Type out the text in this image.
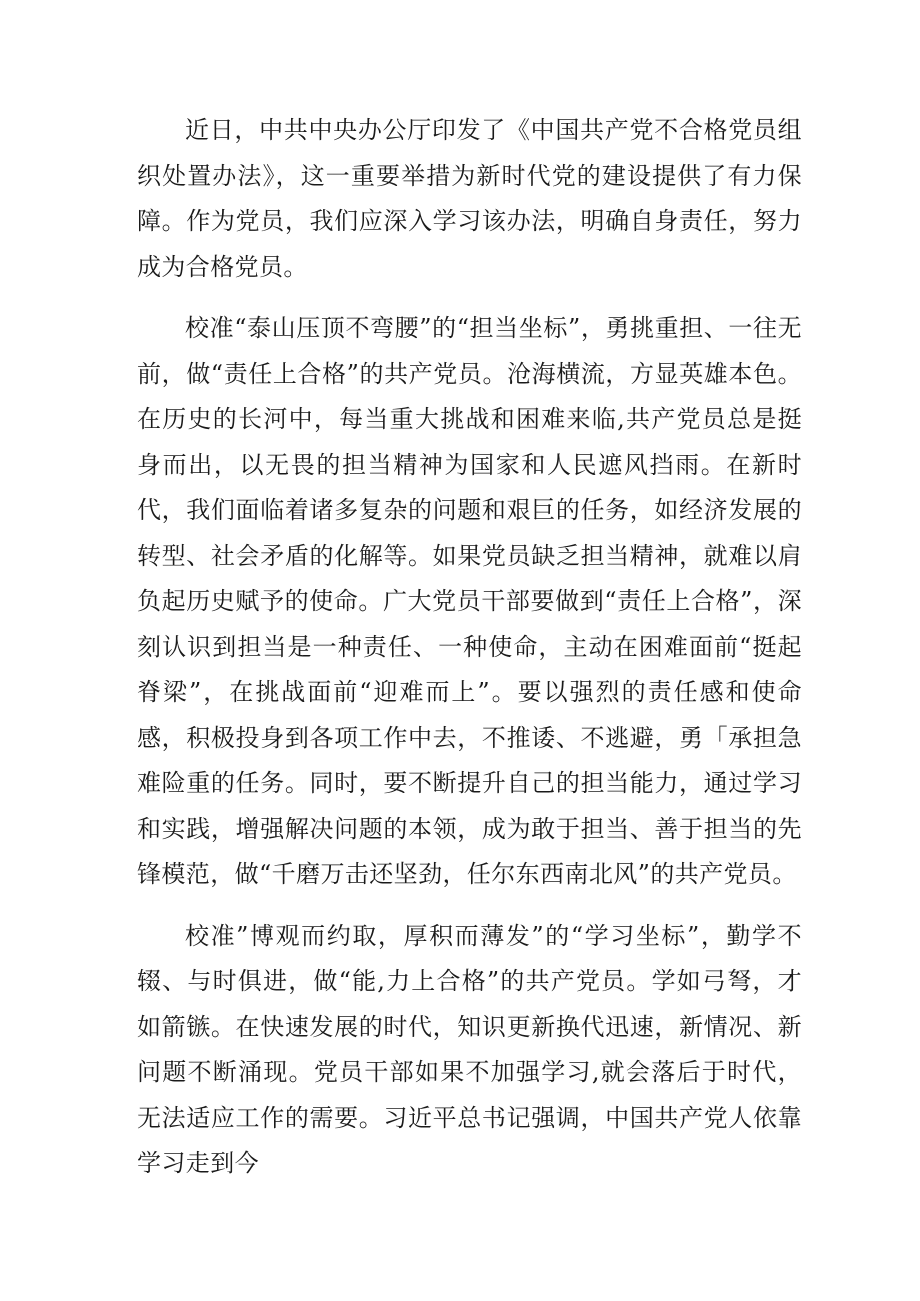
近日，中共中央办公厅印发了《中国共产党不合格党员组织处置办法》，这一重要举措为新时代党的建设提供了有力保障。作为党员，我们应深入学习该办法，明确自身责任，努力成为合格党员。

校准“泰山压顶不弯腰”的“担当坐标”，勇挑重担、一往无前，做“责任上合格”的共产党员。沧海横流，方显英雄本色。在历史的长河中，每当重大挑战和困难来临,共产党员总是挺身而出，以无畏的担当精神为国家和人民遮风挡雨。在新时代，我们面临着诸多复杂的问题和艰巨的任务，如经济发展的转型、社会矛盾的化解等。如果党员缺乏担当精神，就难以肩负起历史赋予的使命。广大党员干部要做到“责任上合格”，深刻认识到担当是一种责任、一种使命，主动在困难面前“挺起脊梁”，在挑战面前“迎难而上”。要以强烈的责任感和使命感，积极投身到各项工作中去，不推诿、不逃避，勇「承担急难险重的任务。同时，要不断提升自己的担当能力，通过学习和实践，增强解决问题的本领，成为敢于担当、善于担当的先锋模范，做“千磨万击还坚劲，任尔东西南北风”的共产党员。

校准”博观而约取，厚积而薄发”的“学习坐标”，勤学不辍、与时俱进，做“能,力上合格”的共产党员。学如弓弩，才如箭镞。在快速发展的时代，知识更新换代迅速，新情况、新问题不断涌现。党员干部如果不加强学习,就会落后于时代，无法适应工作的需要。习近平总书记强调，中国共产党人依靠学习走到今
